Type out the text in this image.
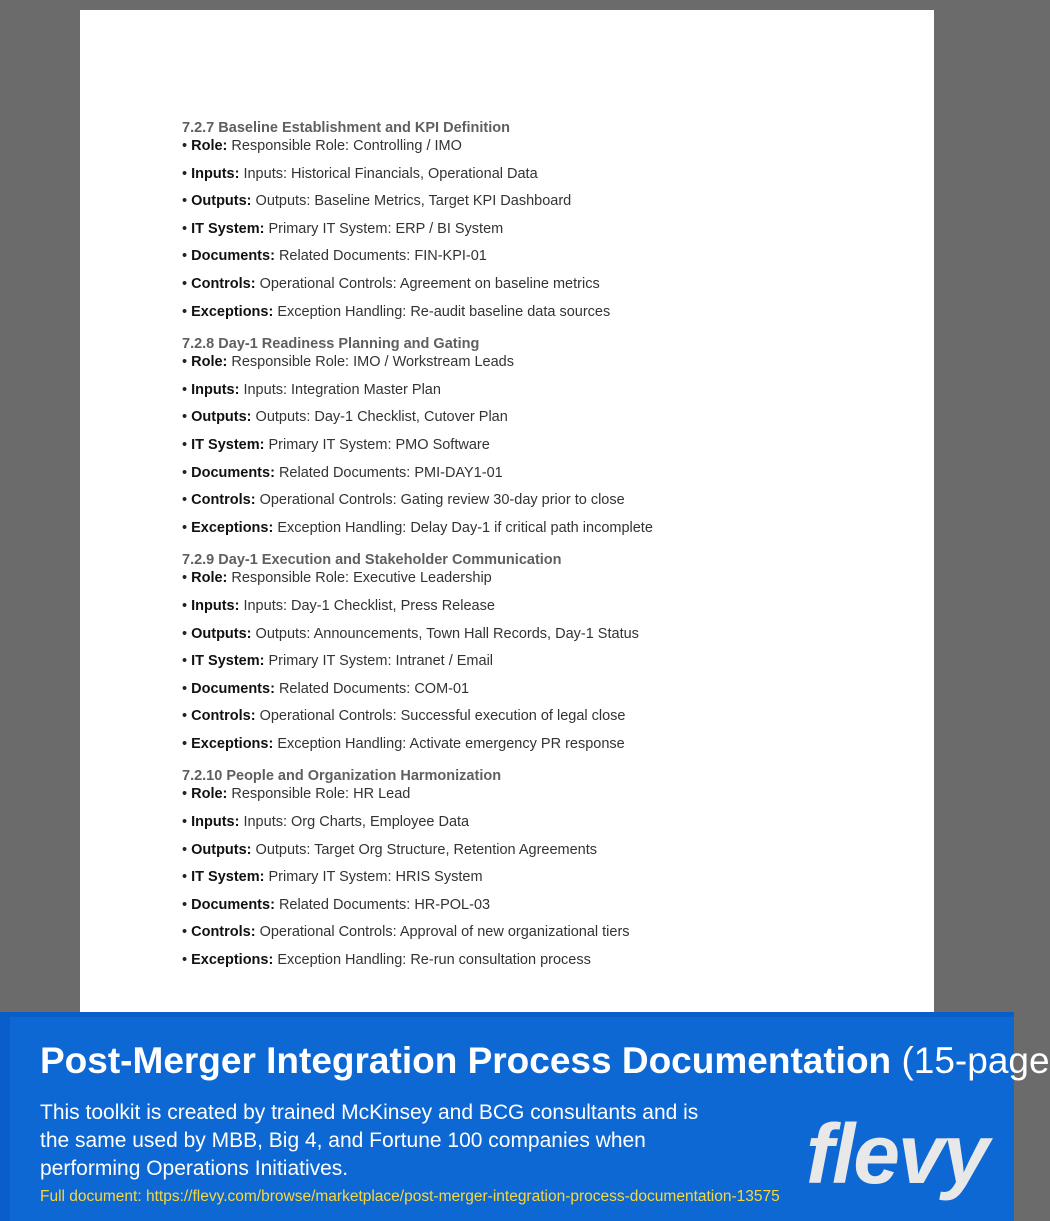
7.2.7 Baseline Establishment and KPI Definition
• Role: Responsible Role: Controlling / IMO
• Inputs: Inputs: Historical Financials, Operational Data
• Outputs: Outputs: Baseline Metrics, Target KPI Dashboard
• IT System: Primary IT System: ERP / BI System
• Documents: Related Documents: FIN-KPI-01
• Controls: Operational Controls: Agreement on baseline metrics
• Exceptions: Exception Handling: Re-audit baseline data sources
7.2.8 Day-1 Readiness Planning and Gating
• Role: Responsible Role: IMO / Workstream Leads
• Inputs: Inputs: Integration Master Plan
• Outputs: Outputs: Day-1 Checklist, Cutover Plan
• IT System: Primary IT System: PMO Software
• Documents: Related Documents: PMI-DAY1-01
• Controls: Operational Controls: Gating review 30-day prior to close
• Exceptions: Exception Handling: Delay Day-1 if critical path incomplete
7.2.9 Day-1 Execution and Stakeholder Communication
• Role: Responsible Role: Executive Leadership
• Inputs: Inputs: Day-1 Checklist, Press Release
• Outputs: Outputs: Announcements, Town Hall Records, Day-1 Status
• IT System: Primary IT System: Intranet / Email
• Documents: Related Documents: COM-01
• Controls: Operational Controls: Successful execution of legal close
• Exceptions: Exception Handling: Activate emergency PR response
7.2.10 People and Organization Harmonization
• Role: Responsible Role: HR Lead
• Inputs: Inputs: Org Charts, Employee Data
• Outputs: Outputs: Target Org Structure, Retention Agreements
• IT System: Primary IT System: HRIS System
• Documents: Related Documents: HR-POL-03
• Controls: Operational Controls: Approval of new organizational tiers
• Exceptions: Exception Handling: Re-run consultation process
Post-Merger Integration Process Documentation (15-page
This toolkit is created by trained McKinsey and BCG consultants and is the same used by MBB, Big 4, and Fortune 100 companies when performing Operations Initiatives.
Full document: https://flevy.com/browse/marketplace/post-merger-integration-process-documentation-13575 flevy
